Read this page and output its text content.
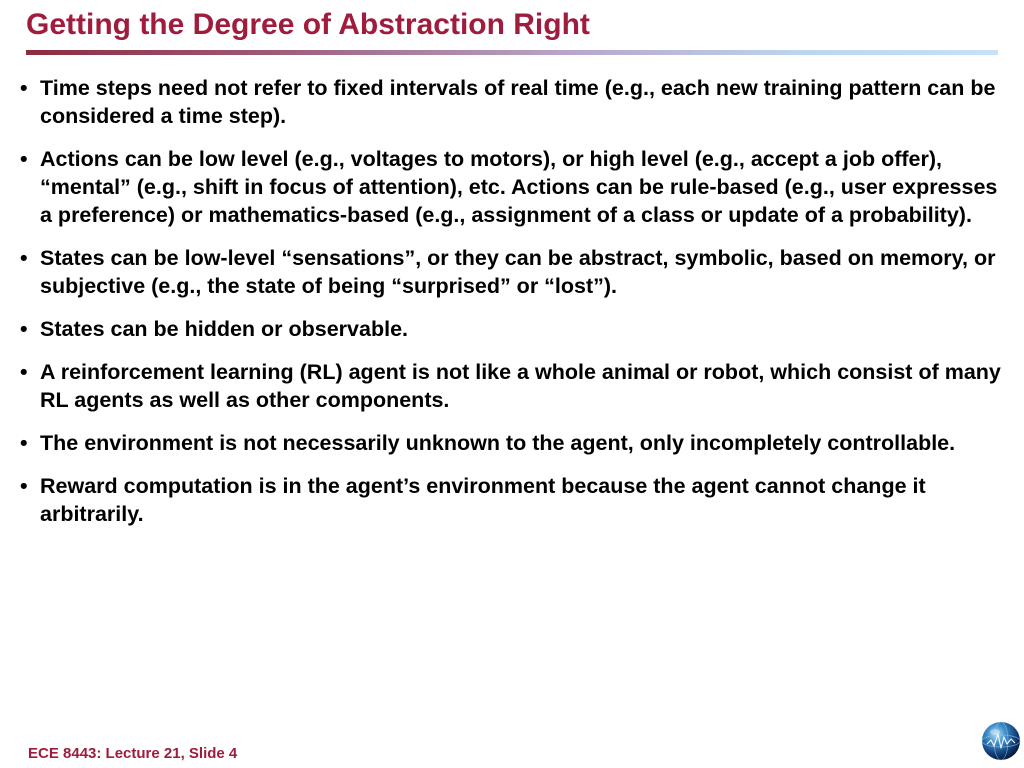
Getting the Degree of Abstraction Right
• Time steps need not refer to fixed intervals of real time (e.g., each new training pattern can be considered a time step).
• Actions can be low level (e.g., voltages to motors), or high level (e.g., accept a job offer), “mental” (e.g., shift in focus of attention), etc. Actions can be rule-based (e.g., user expresses a preference) or mathematics-based (e.g., assignment of a class or update of a probability).
• States can be low-level “sensations”, or they can be abstract, symbolic, based on memory, or subjective (e.g., the state of being “surprised” or “lost”).
• States can be hidden or observable.
• A reinforcement learning (RL) agent is not like a whole animal or robot, which consist of many RL agents as well as other components.
• The environment is not necessarily unknown to the agent, only incompletely controllable.
• Reward computation is in the agent’s environment because the agent cannot change it arbitrarily.
ECE 8443: Lecture 21, Slide 4
